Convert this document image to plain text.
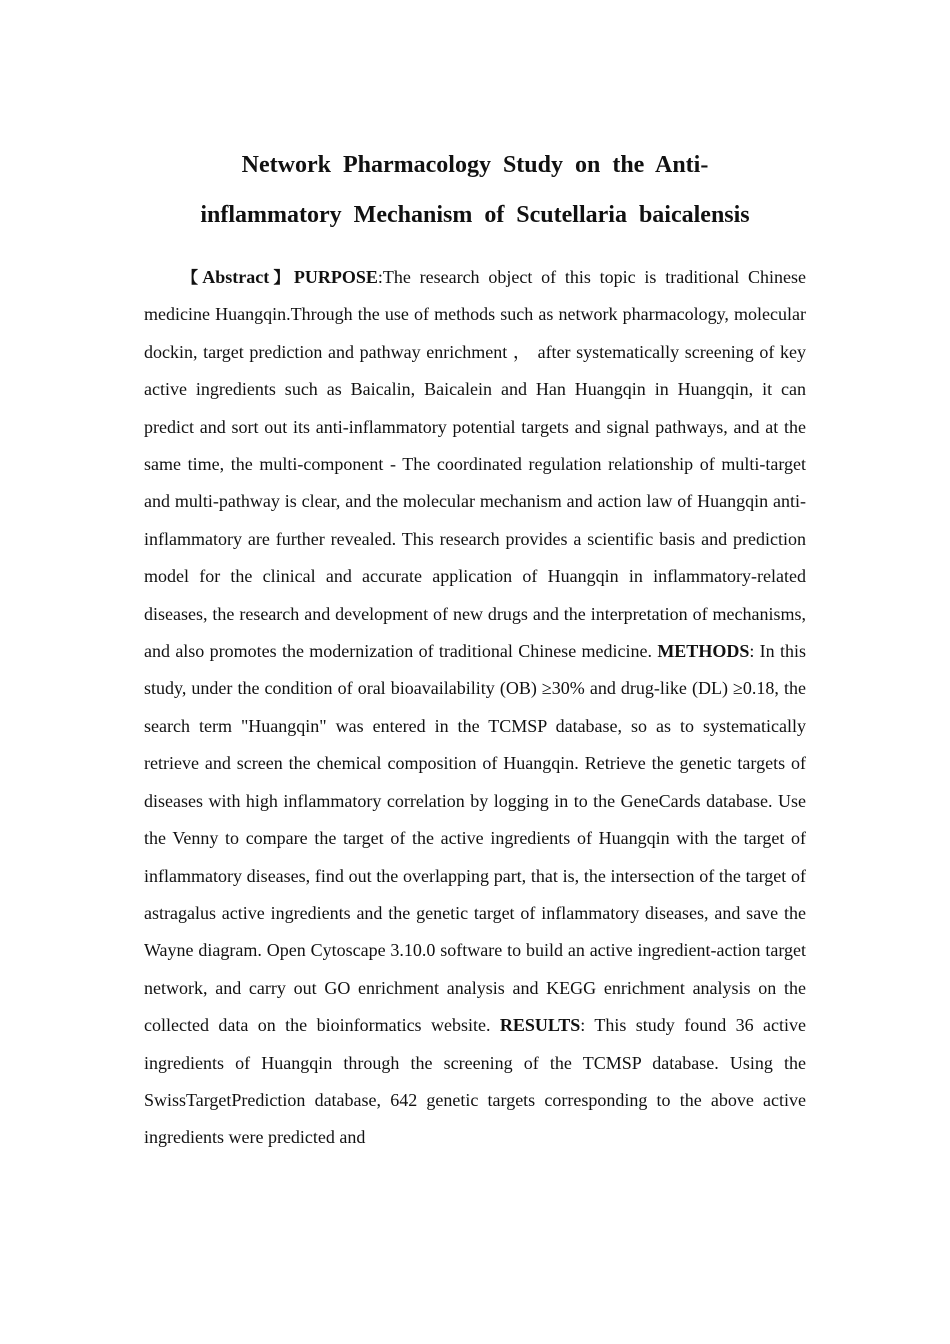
Network Pharmacology Study on the Anti-
inflammatory Mechanism of Scutellaria baicalensis

【Abstract】PURPOSE:The research object of this topic is traditional Chinese medicine Huangqin.Through the use of methods such as network pharmacology, molecular dockin, target prediction and pathway enrichment ， after systematically screening of key active ingredients such as Baicalin, Baicalein and Han Huangqin in Huangqin, it can predict and sort out its anti-inflammatory potential targets and signal pathways, and at the same time, the multi-component - The coordinated regulation relationship of multi-target and multi-pathway is clear, and the molecular mechanism and action law of Huangqin anti-inflammatory are further revealed. This research provides a scientific basis and prediction model for the clinical and accurate application of Huangqin in inflammatory-related diseases, the research and development of new drugs and the interpretation of mechanisms, and also promotes the modernization of traditional Chinese medicine. METHODS: In this study, under the condition of oral bioavailability (OB) ≥30% and drug-like (DL) ≥0.18, the search term "Huangqin" was entered in the TCMSP database, so as to systematically retrieve and screen the chemical composition of Huangqin. Retrieve the genetic targets of diseases with high inflammatory correlation by logging in to the GeneCards database. Use the Venny to compare the target of the active ingredients of Huangqin with the target of inflammatory diseases, find out the overlapping part, that is, the intersection of the target of astragalus active ingredients and the genetic target of inflammatory diseases, and save the Wayne diagram. Open Cytoscape 3.10.0 software to build an active ingredient-action target network, and carry out GO enrichment analysis and KEGG enrichment analysis on the collected data on the bioinformatics website. RESULTS: This study found 36 active ingredients of Huangqin through the screening of the TCMSP database. Using the SwissTargetPrediction database, 642 genetic targets corresponding to the above active ingredients were predicted and
